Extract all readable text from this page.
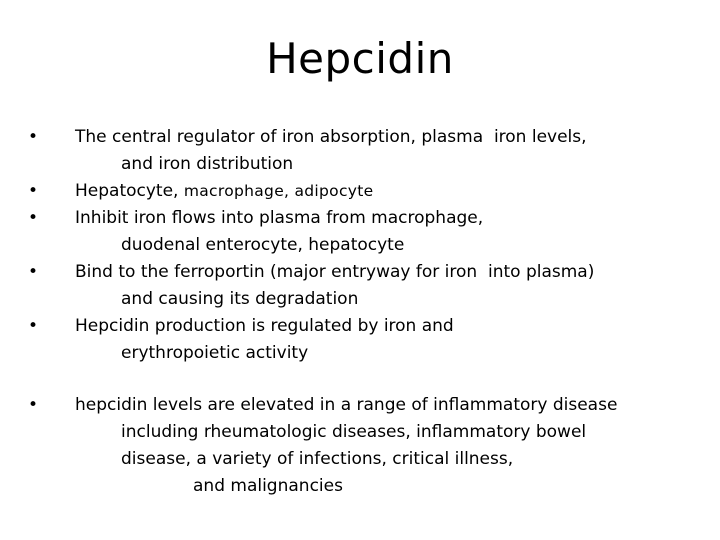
Hepcidin
• The central regulator of iron absorption, plasma  iron levels,
and iron distribution
• Hepatocyte, macrophage, adipocyte
• Inhibit iron flows into plasma from macrophage,
duodenal enterocyte, hepatocyte
• Bind to the ferroportin (major entryway for iron  into plasma)
and causing its degradation
• Hepcidin production is regulated by iron and
erythropoietic activity
• hepcidin levels are elevated in a range of inflammatory disease
including rheumatologic diseases, inflammatory bowel
disease, a variety of infections, critical illness,
and malignancies
